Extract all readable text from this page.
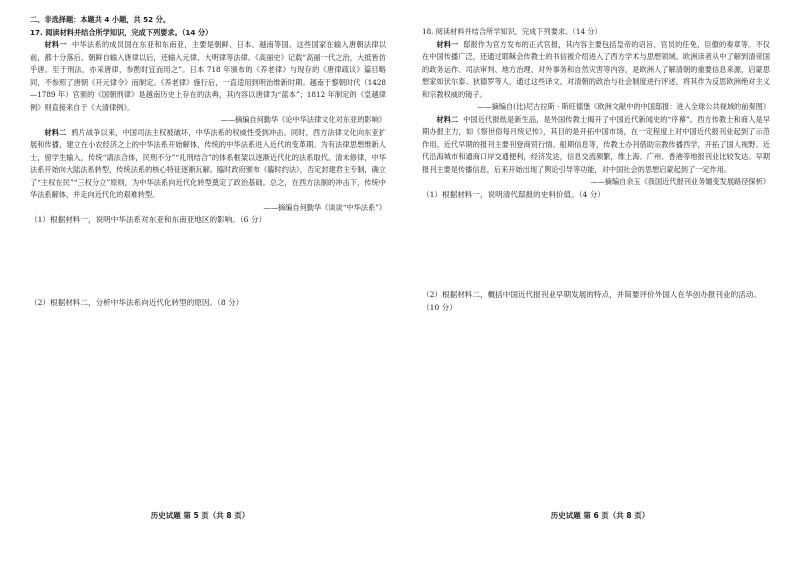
二、非选择题：本题共 4 小题，共 52 分。

17. 阅读材料并结合所学知识，完成下列要求。（14 分）

材料一 中华法系的成员国在东亚和东南亚，主要是朝鲜、日本、越南等国。这些国家在输入唐朝法律以前，都十分落后。朝鲜自输入唐律以后，还输入元律、大明律等法律。《高丽史》记载“高丽一代之治，大抵皆仿乎唐。至于刑法，亦采唐律，参酌时宜而用之”。日本 718 年颁布的《养老律》与现存的《唐律疏议》篇目略同，不参照了唐朝《开元律令》而制定。《养老律》施行后，一直适用到明治维新时期。越南于黎朝时代（1428—1789 年）官颁的《国朝刑律》是越南历史上存在的法典，其内容以唐律为“蓝本”；1812 年制定的《皇越律例》则直接来自于《大清律例》。

——摘编自何勤华《论中华法律文化对东亚的影响》

材料二 鸦片战争以来，中国司法主权被破坏，中华法系的权威性受到冲击。同时，西方法律文化向东亚扩展和传播，建立在小农经济之上的中华法系开始解体，传统的中华法系进入近代的变革期。为有法律思想维新人士，留学生输入，传统“请法合体，民刑不分”“礼刑结合”的体系框架以逐渐近代化的法系取代。清末修律，中华法系开始向大陆法系转型，传统法系的核心特征逐渐瓦解。臨时政府颁布《臨时约法》，否定封建君主专制，确立了“主权在民”“三权分立”原则，为中华法系向近代化转型奠定了政治基础。总之，在西方法制的冲击下，传统中华法系解体，并走向近代化的艰难转型。

——摘编自何勤华《谈谈“中华法系”》

（1）根据材料一，说明中华法系对东亚和东南亚地区的影响。（6 分）

（2）根据材料二，分析中华法系向近代化转型的原因。（8 分）

历史试题 第 5 页（共 8 页）

18. 阅读材料并结合所学知识，完成下列要求。（14 分）

材料一 邸报作为官方发布的正式官报，其内容主要包括皇帝的诏旨、官员的任免、臣僚的奏章等。不仅在中国传播广泛，还通过耶稣会传教士的书信被介绍进入了西方学术与思想领域。欧洲读者从中了解到清帝国的政务运作、司法审判、地方治理、对外事务和自然灾害等内容，是欧洲人了解清朝的重要信息来源，启蒙思想家如伏尔泰、狄德罗等人，通过这些译文，对清朝的政治与社会制度进行评述，将其作为反思欧洲绝对主义和宗教权威的镜子。

——摘编自(比)尼古拉斯 · 斯旺德堡《欧洲文献中的中国邸报：进入全球公共视域的前奏图》

材料二 中国近代报纸是新生品，是外国传教士揭开了中国近代新闻史的“序幕”。西方传教士和商人是早期办报主力，如《察世俗每月统记传》，其目的是开拓中国市场，在一定程度上对中国近代报刊业起到了示范作用。近代早期的报刊主要刊登商贸行情、船期信息等，传教士办刊借助宗教传播西学，开拓了国人视野。近代沿海城市和通商口岸交通便利，经济发达，信息交流频繁，维上海、广州、香港等地报刊业比较发达。早期报刊主要是传播信息，后来开始出现了舆论引导等功能，对中国社会的思想启蒙起到了一定作用。

——摘编自余玉《我国近代报刊业务嬗变发展路径探析》

（1）根据材料一，说明清代邸报的史料价值。（4 分）

（2）根据材料二，概括中国近代报刊业早期发展的特点，并简要评价外国人在华创办报刊业的活动。（10 分）

历史试题 第 6 页（共 8 页）
